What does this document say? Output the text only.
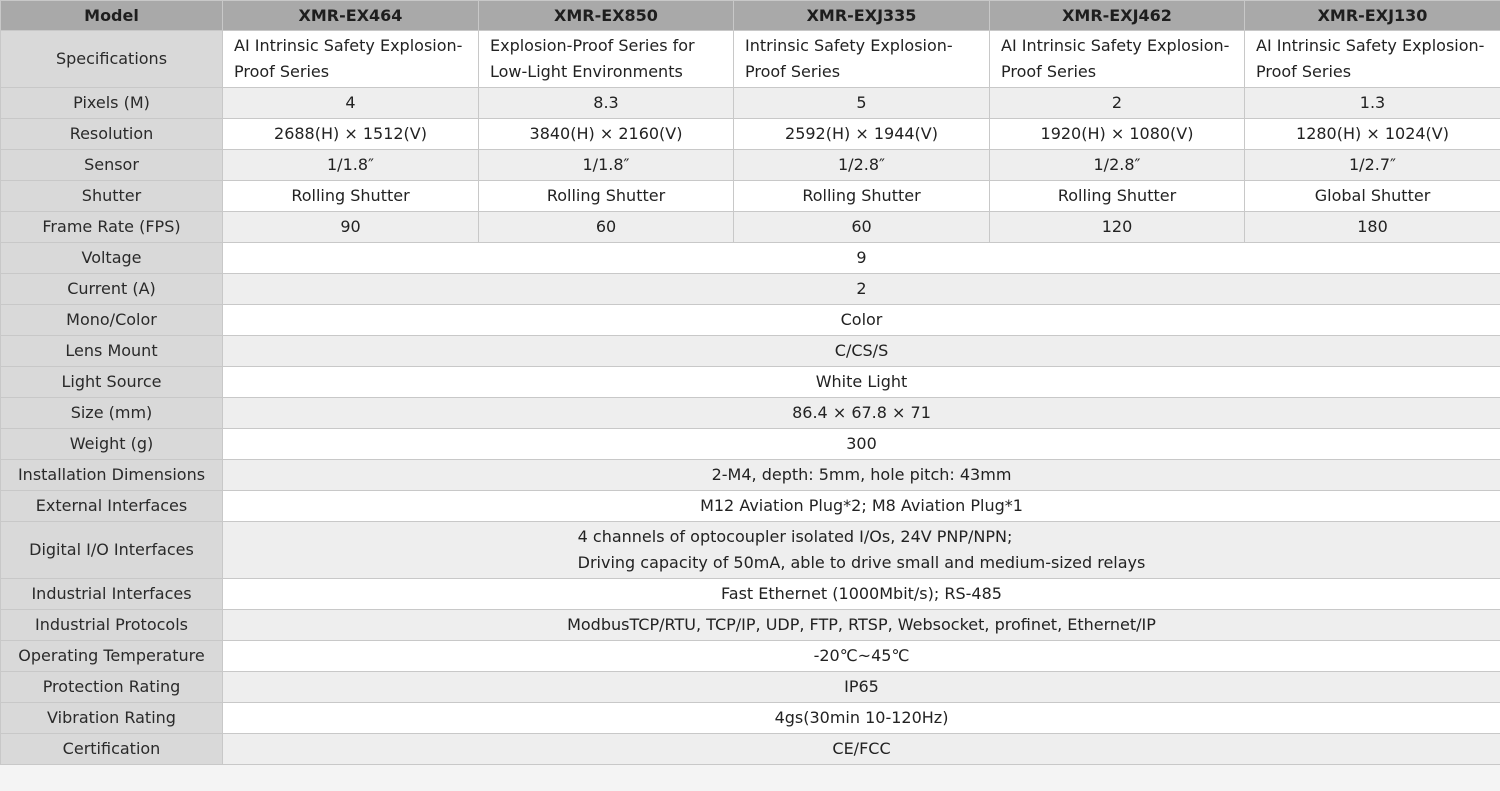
Model	XMR-EX464	XMR-EX850	XMR-EXJ335	XMR-EXJ462	XMR-EXJ130
Specifications	AI Intrinsic Safety Explosion-Proof Series	Explosion-Proof Series for Low-Light Environments	Intrinsic Safety Explosion-Proof Series	AI Intrinsic Safety Explosion-Proof Series	AI Intrinsic Safety Explosion-Proof Series
Pixels (M)	4	8.3	5	2	1.3
Resolution	2688(H) × 1512(V)	3840(H) × 2160(V)	2592(H) × 1944(V)	1920(H) × 1080(V)	1280(H) × 1024(V)
Sensor	1/1.8″	1/1.8″	1/2.8″	1/2.8″	1/2.7″
Shutter	Rolling Shutter	Rolling Shutter	Rolling Shutter	Rolling Shutter	Global Shutter
Frame Rate (FPS)	90	60	60	120	180
Voltage	9				
Current (A)	2				
Mono/Color	Color				
Lens Mount	C/CS/S				
Light Source	White Light				
Size (mm)	86.4 × 67.8 × 71				
Weight (g)	300				
Installation Dimensions	2-M4, depth: 5mm, hole pitch: 43mm				
External Interfaces	M12 Aviation Plug*2; M8 Aviation Plug*1				
Digital I/O Interfaces	4 channels of optocoupler isolated I/Os, 24V PNP/NPN;
Driving capacity of 50mA, able to drive small and medium-sized relays				

Industrial Interfaces	Fast Ethernet (1000Mbit/s); RS-485				
Industrial Protocols	ModbusTCP/RTU, TCP/IP, UDP, FTP, RTSP, Websocket, profinet, Ethernet/IP				
Operating Temperature	-20℃~45℃				
Protection Rating	IP65				
Vibration Rating	4gs(30min 10-120Hz)				
Certification	CE/FCC				
